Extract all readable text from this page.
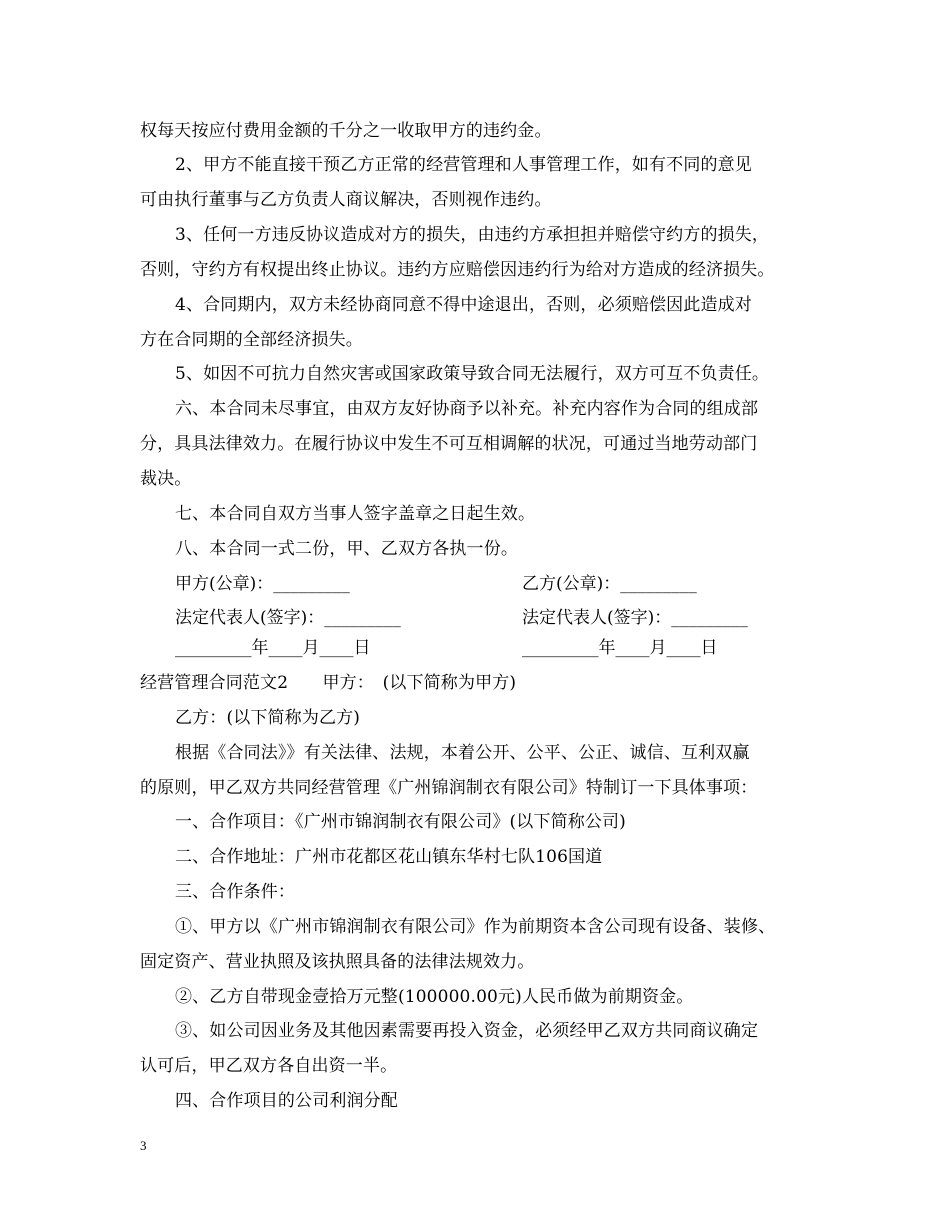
权每天按应付费用金额的千分之一收取甲方的违约金。
2、甲方不能直接干预乙方正常的经营管理和人事管理工作，如有不同的意见
可由执行董事与乙方负责人商议解决，否则视作违约。
3、任何一方违反协议造成对方的损失，由违约方承担担并赔偿守约方的损失，
否则，守约方有权提出终止协议。违约方应赔偿因违约行为给对方造成的经济损失。
4、合同期内，双方未经协商同意不得中途退出，否则，必须赔偿因此造成对
方在合同期的全部经济损失。
5、如因不可抗力自然灾害或国家政策导致合同无法履行，双方可互不负责任。
六、本合同未尽事宜，由双方友好协商予以补充。补充内容作为合同的组成部
分，具具法律效力。在履行协议中发生不可互相调解的状况，可通过当地劳动部门
裁决。
七、本合同自双方当事人签字盖章之日起生效。
八、本合同一式二份，甲、乙双方各执一份。
甲方(公章)：_________	乙方(公章)：_________
法定代表人(签字)：_________	法定代表人(签字)：_________
_________年____月____日	_________年____月____日
经营管理合同范文2　　甲方：　(以下简称为甲方)
乙方：(以下简称为乙方)
根据《合同法》》有关法律、法规，本着公开、公平、公正、诚信、互利双赢
的原则，甲乙双方共同经营管理《广州锦润制衣有限公司》特制订一下具体事项：
一、合作项目：《广州市锦润制衣有限公司》(以下简称公司)
二、合作地址：广州市花都区花山镇东华村七队106国道
三、合作条件：
①、甲方以《广州市锦润制衣有限公司》作为前期资本含公司现有设备、装修、
固定资产、营业执照及该执照具备的法律法规效力。
②、乙方自带现金壹拾万元整(100000.00元)人民币做为前期资金。
③、如公司因业务及其他因素需要再投入资金，必须经甲乙双方共同商议确定
认可后，甲乙双方各自出资一半。
四、合作项目的公司利润分配
3
